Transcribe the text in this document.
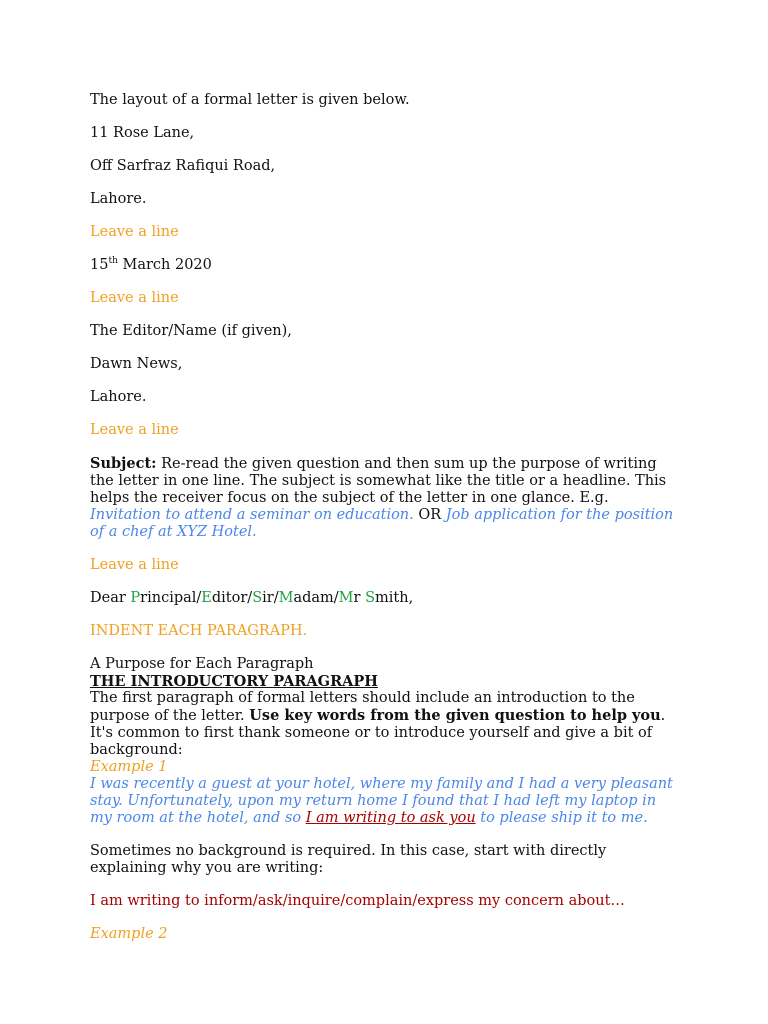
The layout of a formal letter is given below.

11 Rose Lane,

Off Sarfraz Rafiqui Road,

Lahore.

Leave a line

15th March 2020

Leave a line

The Editor/Name (if given),

Dawn News,

Lahore.

Leave a line

Subject: Re-read the given question and then sum up the purpose of writing the letter in one line. The subject is somewhat like the title or a headline. This helps the receiver focus on the subject of the letter in one glance. E.g. Invitation to attend a seminar on education. OR Job application for the position of a chef at XYZ Hotel.

Leave a line

Dear Principal/Editor/Sir/Madam/Mr Smith,

INDENT EACH PARAGRAPH.

A Purpose for Each Paragraph

THE INTRODUCTORY PARAGRAPH

The first paragraph of formal letters should include an introduction to the purpose of the letter. Use key words from the given question to help you. It's common to first thank someone or to introduce yourself and give a bit of background:

Example 1

I was recently a guest at your hotel, where my family and I had a very pleasant stay. Unfortunately, upon my return home I found that I had left my laptop in my room at the hotel, and so I am writing to ask you to please ship it to me.

Sometimes no background is required. In this case, start with directly explaining why you are writing:

I am writing to inform/ask/inquire/complain/express my concern about…

Example 2
